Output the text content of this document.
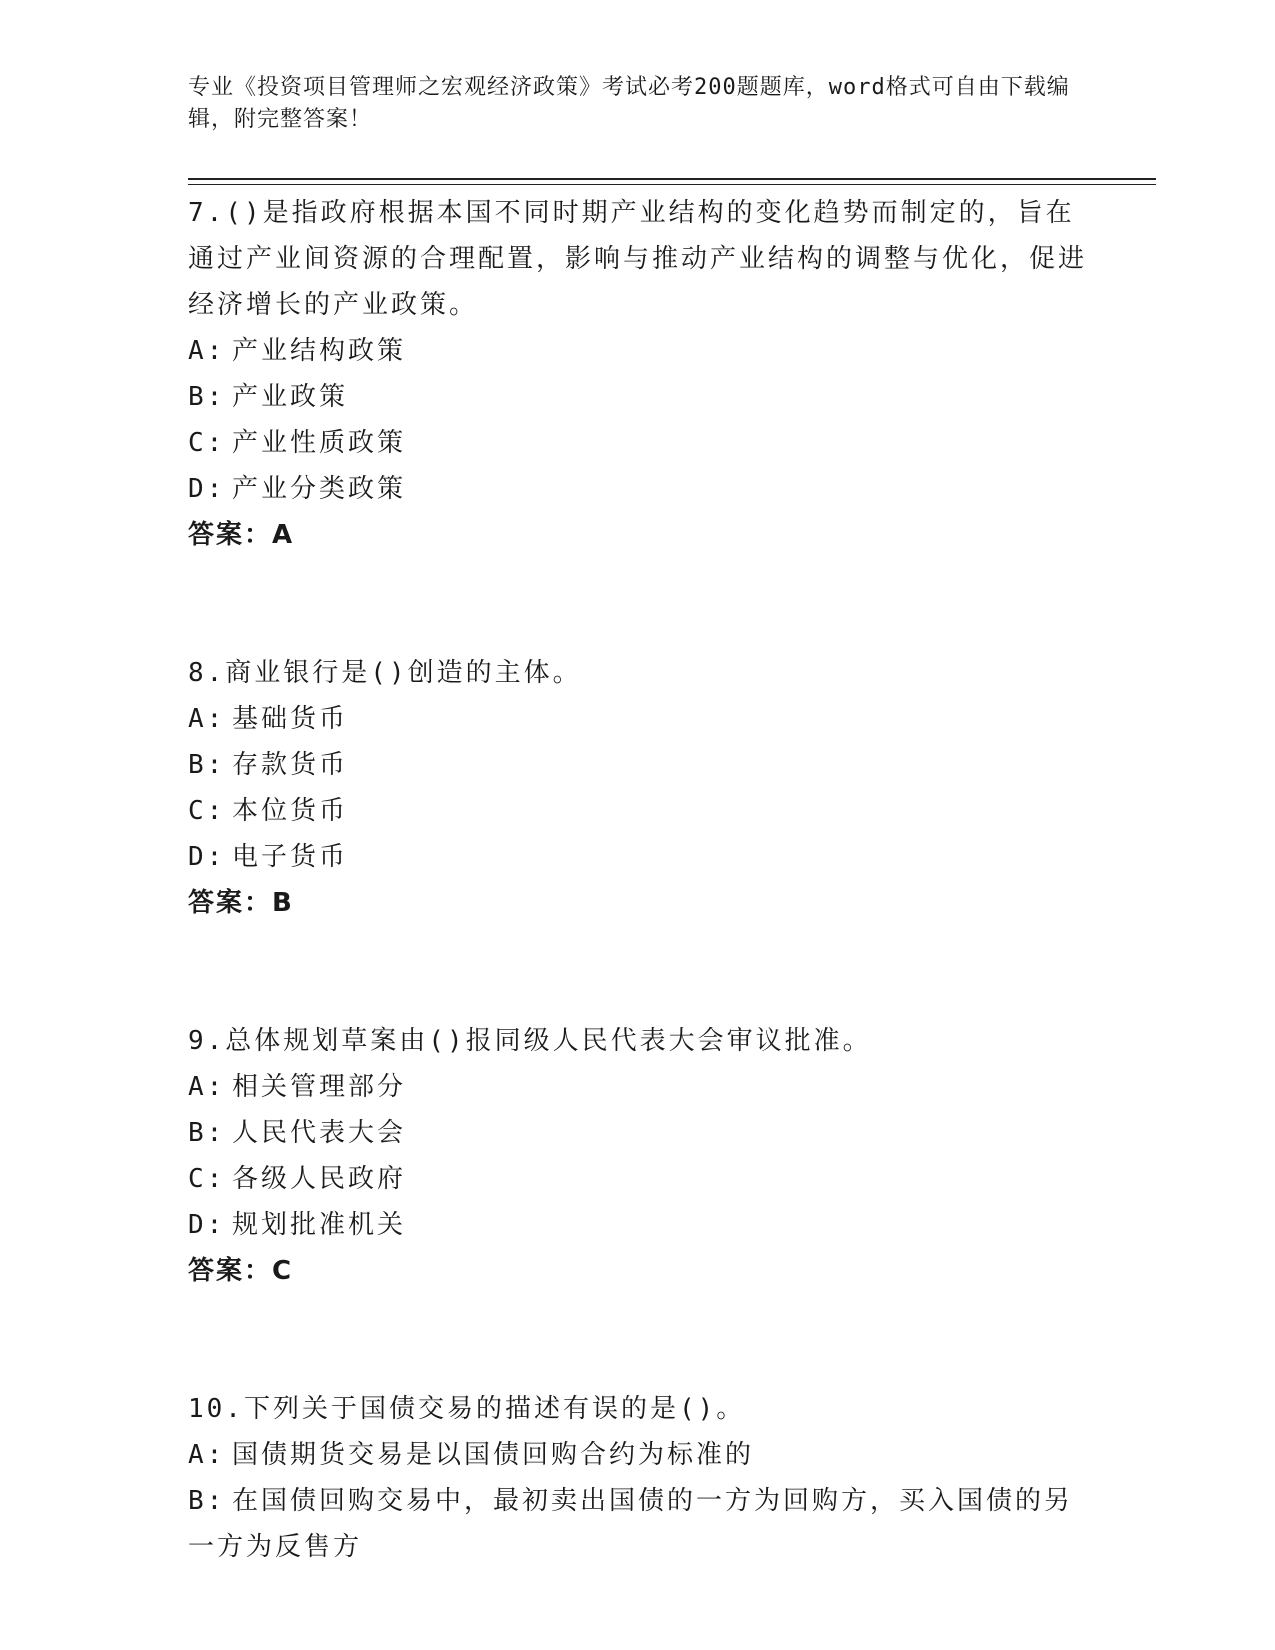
专业《投资项目管理师之宏观经济政策》考试必考200题题库，word格式可自由下载编辑，附完整答案！

7.()是指政府根据本国不同时期产业结构的变化趋势而制定的，旨在通过产业间资源的合理配置，影响与推动产业结构的调整与优化，促进经济增长的产业政策。

A: 产业结构政策

B: 产业政策

C: 产业性质政策

D: 产业分类政策

答案：A

8.商业银行是()创造的主体。

A: 基础货币

B: 存款货币

C: 本位货币

D: 电子货币

答案：B

9.总体规划草案由()报同级人民代表大会审议批准。

A: 相关管理部分

B: 人民代表大会

C: 各级人民政府

D: 规划批准机关

答案：C

10.下列关于国债交易的描述有误的是()。

A: 国债期货交易是以国债回购合约为标准的

B: 在国债回购交易中，最初卖出国债的一方为回购方，买入国债的另一方为反售方
